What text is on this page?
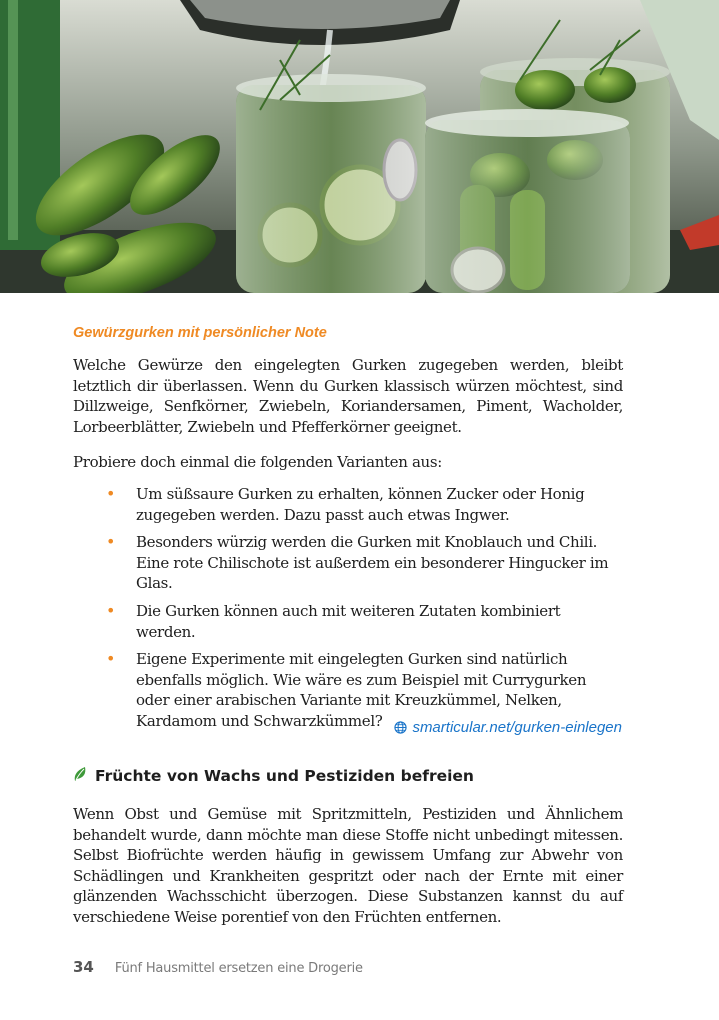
Gewürzgurken mit persönlicher Note

Welche Gewürze den eingelegten Gurken zugegeben werden, bleibt letztlich dir überlassen. Wenn du Gurken klassisch würzen möchtest, sind Dillzweige, Senfkörner, Zwiebeln, Koriandersamen, Piment, Wacholder, Lorbeerblätter, Zwiebeln und Pfefferkörner geeignet.

Probiere doch einmal die folgenden Varianten aus:

• Um süßsaure Gurken zu erhalten, können Zucker oder Honig zugegeben werden. Dazu passt auch etwas Ingwer.
• Besonders würzig werden die Gurken mit Knoblauch und Chili. Eine rote Chilischote ist außerdem ein besonderer Hingucker im Glas.
• Die Gurken können auch mit weiteren Zutaten kombiniert werden.
• Eigene Experimente mit eingelegten Gurken sind natürlich ebenfalls möglich. Wie wäre es zum Beispiel mit Currygurken oder einer arabischen Variante mit Kreuzkümmel, Nelken, Kardamom und Schwarzkümmel?	smarticular.net/gurken-einlegen
Früchte von Wachs und Pestiziden befreien

Wenn Obst und Gemüse mit Spritzmitteln, Pestiziden und Ähnlichem behandelt wurde, dann möchte man diese Stoffe nicht unbedingt mitessen. Selbst Biofrüchte werden häufig in gewissem Umfang zur Abwehr von Schädlingen und Krankheiten gespritzt oder nach der Ernte mit einer glänzenden Wachsschicht überzogen. Diese Substanzen kannst du auf verschiedene Weise porentief von den Früchten entfernen.

34 Fünf Hausmittel ersetzen eine Drogerie
